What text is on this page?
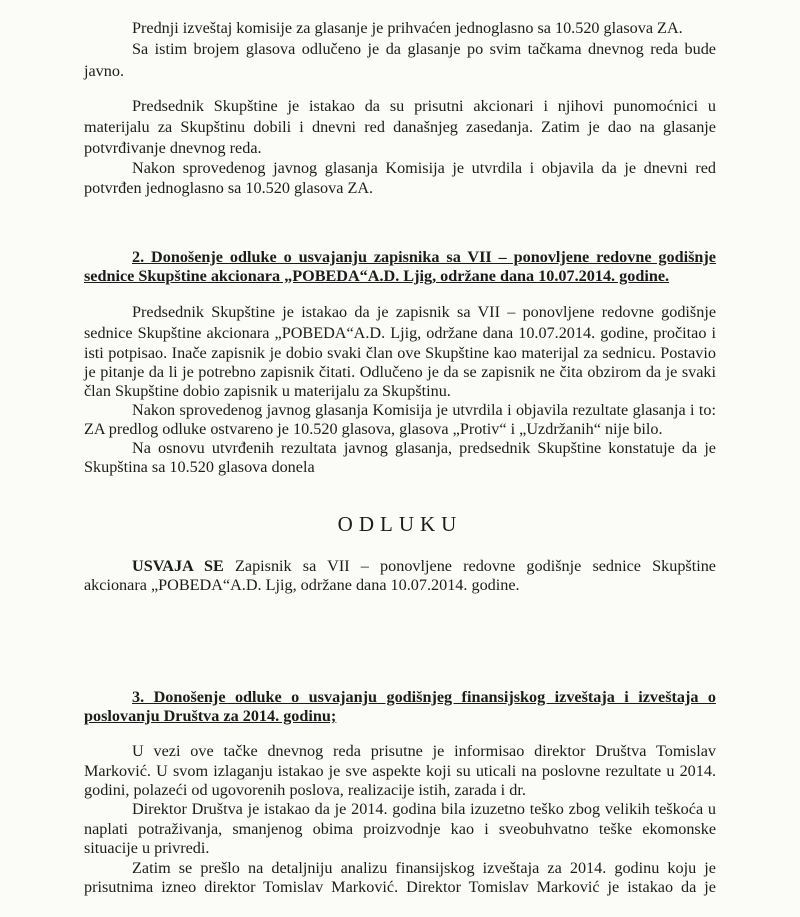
Prednji izveštaj komisije za glasanje je prihvaćen jednoglasno sa 10.520 glasova ZA.
Sa istim brojem glasova odlučeno je da glasanje po svim tačkama dnevnog reda bude
javno.
Predsednik Skupštine je istakao da su prisutni akcionari i njihovi punomoćnici u
materijalu za Skupštinu dobili i dnevni red današnjeg zasedanja. Zatim je dao na glasanje
potvrđivanje dnevnog reda.
Nakon sprovedenog javnog glasanja Komisija je utvrdila i objavila da je dnevni red
potvrđen jednoglasno sa 10.520 glasova ZA.
2. Donošenje odluke o usvajanju zapisnika sa VII – ponovljene redovne godišnje
sednice Skupštine akcionara „POBEDA“A.D. Ljig, održane dana 10.07.2014. godine.
Predsednik Skupštine je istakao da je zapisnik sa VII – ponovljene redovne godišnje
sednice Skupštine akcionara „POBEDA“A.D. Ljig, održane dana 10.07.2014. godine, pročitao i
isti potpisao. Inače zapisnik je dobio svaki član ove Skupštine kao materijal za sednicu. Postavio
je pitanje da li je potrebno zapisnik čitati. Odlučeno je da se zapisnik ne čita obzirom da je svaki
član Skupštine dobio zapisnik u materijalu za Skupštinu.
Nakon sprovedenog javnog glasanja Komisija je utvrdila i objavila rezultate glasanja i to:
ZA predlog odluke ostvareno je 10.520 glasova, glasova „Protiv“ i „Uzdržanih“ nije bilo.
Na osnovu utvrđenih rezultata javnog glasanja, predsednik Skupštine konstatuje da je
Skupština sa 10.520 glasova donela
ODLUKU
USVAJA SE Zapisnik sa VII – ponovljene redovne godišnje sednice Skupštine
akcionara „POBEDA“A.D. Ljig, održane dana 10.07.2014. godine.
3. Donošenje odluke o usvajanju godišnjeg finansijskog izveštaja i izveštaja o
poslovanju Društva za 2014. godinu;
U vezi ove tačke dnevnog reda prisutne je informisao direktor Društva Tomislav
Marković. U svom izlaganju istakao je sve aspekte koji su uticali na poslovne rezultate u 2014.
godini, polazeći od ugovorenih poslova, realizacije istih, zarada i dr.
Direktor Društva je istakao da je 2014. godina bila izuzetno teško zbog velikih teškoća u
naplati potraživanja, smanjenog obima proizvodnje kao i sveobuhvatno teške ekomonske
situacije u privredi.
Zatim se prešlo na detaljniju analizu finansijskog izveštaja za 2014. godinu koju je
prisutnima izneo direktor Tomislav Marković. Direktor Tomislav Marković je istakao da je
